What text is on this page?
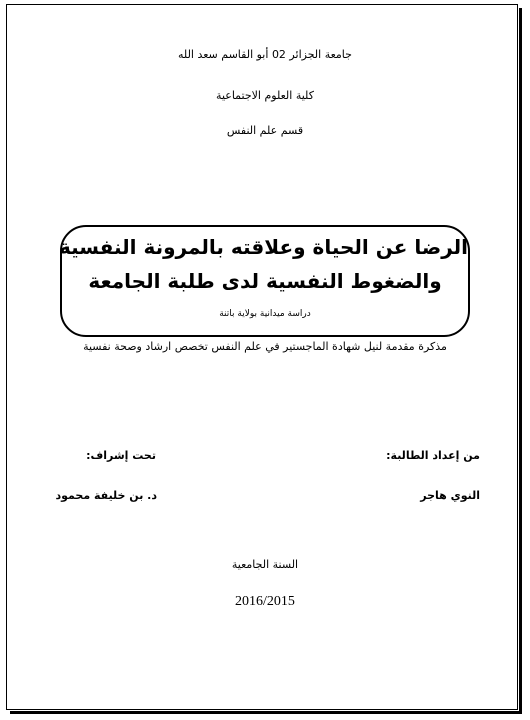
جامعة الجزائر 02 أبو القاسم سعد الله
كلية العلوم الاجتماعية
قسم علم النفس
الرضا عن الحياة وعلاقته بالمرونة النفسية
والضغوط النفسية لدى طلبة الجامعة
دراسة ميدانية بولاية باتنة
مذكرة مقدمة لنيل شهادة الماجستير في علم النفس تخصص ارشاد وصحة نفسية
من إعداد الطالبة:
تحت إشراف:
النوي هاجر
د. بن خليفة محمود
السنة الجامعية
2016/2015
